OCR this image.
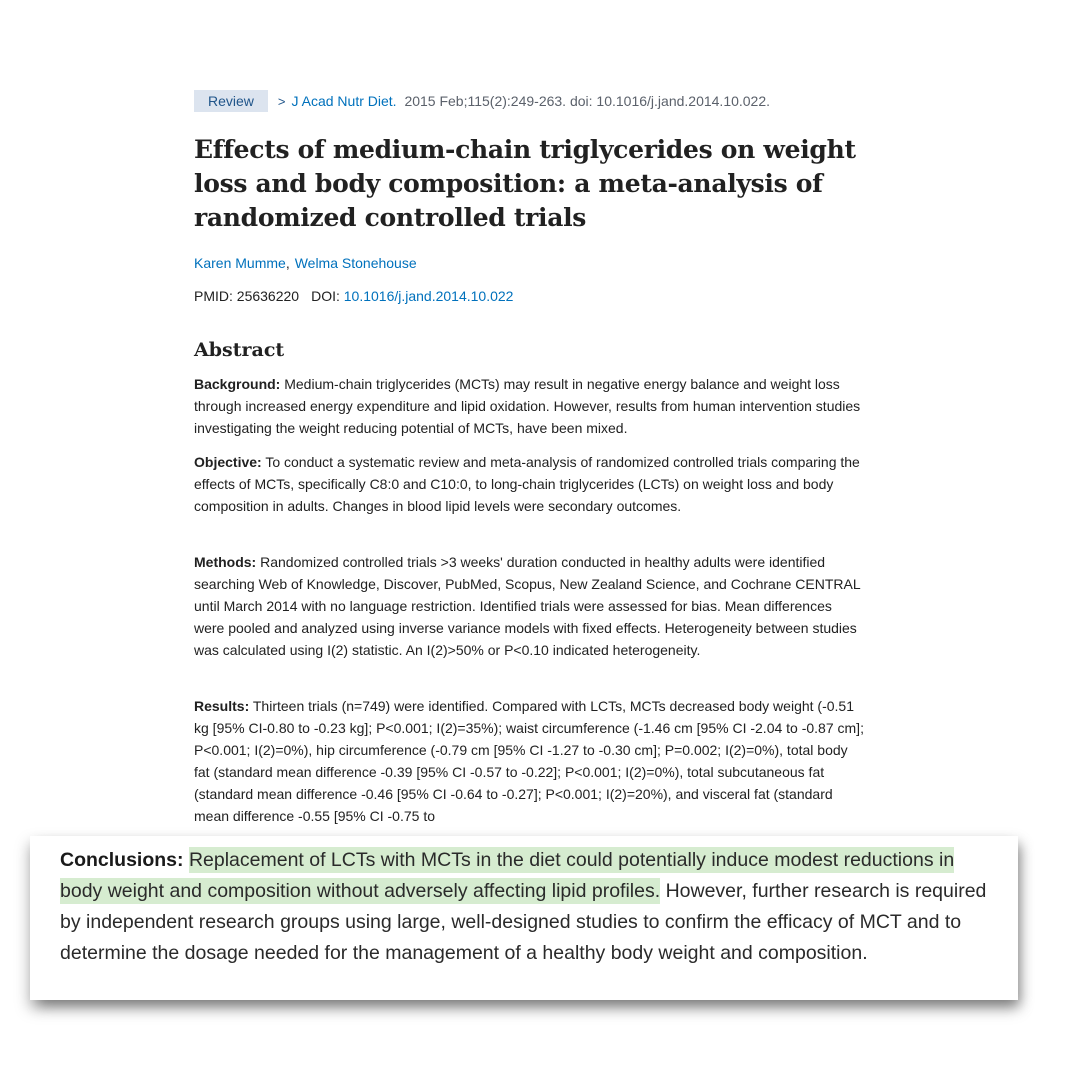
Review > J Acad Nutr Diet. 2015 Feb;115(2):249-263. doi: 10.1016/j.jand.2014.10.022.
Effects of medium-chain triglycerides on weight loss and body composition: a meta-analysis of randomized controlled trials
Karen Mumme, Welma Stonehouse
PMID: 25636220 DOI: 10.1016/j.jand.2014.10.022
Abstract

Background: Medium-chain triglycerides (MCTs) may result in negative energy balance and weight loss through increased energy expenditure and lipid oxidation. However, results from human intervention studies investigating the weight reducing potential of MCTs, have been mixed.

Objective: To conduct a systematic review and meta-analysis of randomized controlled trials comparing the effects of MCTs, specifically C8:0 and C10:0, to long-chain triglycerides (LCTs) on weight loss and body composition in adults. Changes in blood lipid levels were secondary outcomes.

Methods: Randomized controlled trials >3 weeks' duration conducted in healthy adults were identified searching Web of Knowledge, Discover, PubMed, Scopus, New Zealand Science, and Cochrane CENTRAL until March 2014 with no language restriction. Identified trials were assessed for bias. Mean differences were pooled and analyzed using inverse variance models with fixed effects. Heterogeneity between studies was calculated using I(2) statistic. An I(2)>50% or P<0.10 indicated heterogeneity.

Results: Thirteen trials (n=749) were identified. Compared with LCTs, MCTs decreased body weight (-0.51 kg [95% CI-0.80 to -0.23 kg]; P<0.001; I(2)=35%); waist circumference (-1.46 cm [95% CI -2.04 to -0.87 cm]; P<0.001; I(2)=0%), hip circumference (-0.79 cm [95% CI -1.27 to -0.30 cm]; P=0.002; I(2)=0%), total body fat (standard mean difference -0.39 [95% CI -0.57 to -0.22]; P<0.001; I(2)=0%), total subcutaneous fat (standard mean difference -0.46 [95% CI -0.64 to -0.27]; P<0.001; I(2)=20%), and visceral fat (standard mean difference -0.55 [95% CI -0.75 to

Conclusions: Replacement of LCTs with MCTs in the diet could potentially induce modest reductions in body weight and composition without adversely affecting lipid profiles. However, further research is required by independent research groups using large, well-designed studies to confirm the efficacy of MCT and to determine the dosage needed for the management of a healthy body weight and composition.
